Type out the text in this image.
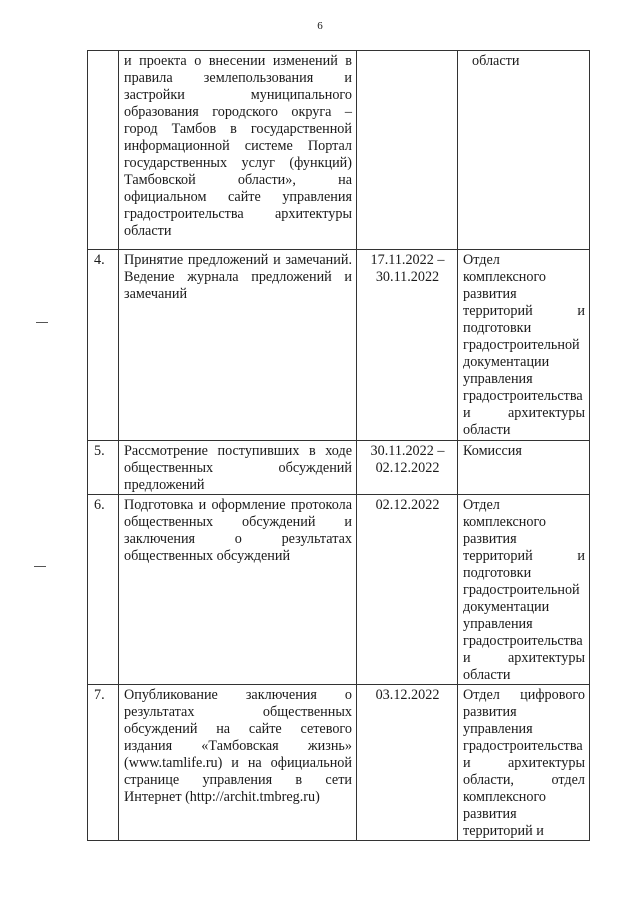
6
	и проекта о внесении изменений в правила землепользования и застройки муниципального образования городского округа – город Тамбов в государственной информационной системе Портал государственных услуг (функций) Тамбовской области», на официальном сайте управления градостроительства архитектуры области		области
4.	Принятие предложений и замечаний. Ведение журнала предложений и замечаний	17.11.2022 – 30.11.2022	Отдел комплексного развития территорий и подготовки градостроительной документации управления градостроительства и архитектуры области
5.	Рассмотрение поступивших в ходе общественных обсуждений предложений	30.11.2022 – 02.12.2022	Комиссия
6.	Подготовка и оформление протокола общественных обсуждений и заключения о результатах общественных обсуждений	02.12.2022	Отдел комплексного развития территорий и подготовки градостроительной документации управления градостроительства и архитектуры области
7.	Опубликование заключения о результатах общественных обсуждений на сайте сетевого издания «Тамбовская жизнь» (www.tamlife.ru) и на официальной странице управления в сети Интернет (http://archit.tmbreg.ru)	03.12.2022	Отдел цифрового развития управления градостроительства и архитектуры области, отдел комплексного развития территорий и
